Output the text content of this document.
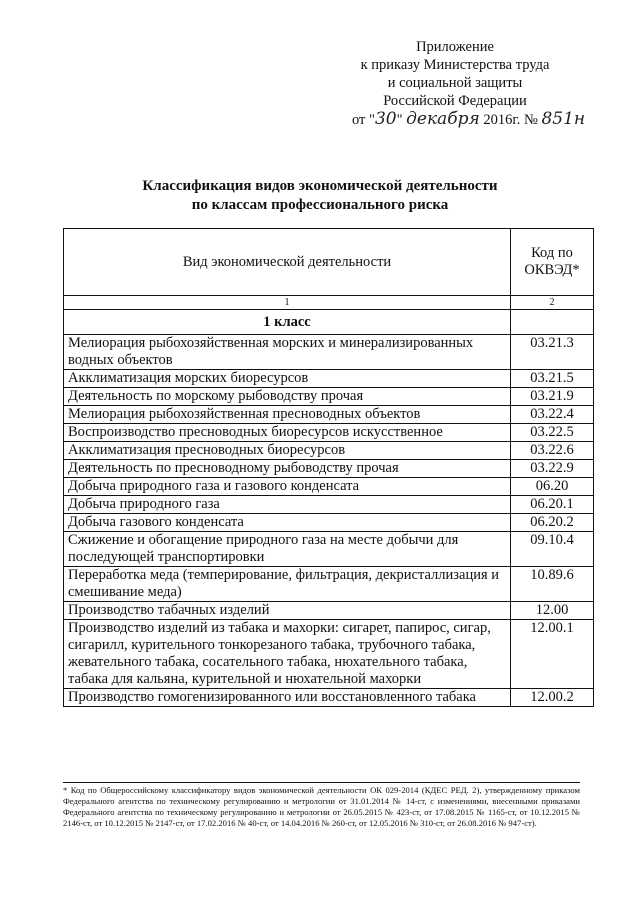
Приложение
к приказу Министерства труда
и социальной защиты
Российской Федерации
от "30" декабря 2016г. № 851н
Классификация видов экономической деятельности
по классам профессионального риска
Вид экономической деятельности	Код по ОКВЭД*
1	2
1 класс	
Мелиорация рыбохозяйственная морских и минерализированных водных объектов	03.21.3
Акклиматизация морских биоресурсов	03.21.5
Деятельность по морскому рыбоводству прочая	03.21.9
Мелиорация рыбохозяйственная пресноводных объектов	03.22.4
Воспроизводство пресноводных биоресурсов искусственное	03.22.5
Акклиматизация пресноводных биоресурсов	03.22.6
Деятельность по пресноводному рыбоводству прочая	03.22.9
Добыча природного газа и газового конденсата	06.20
Добыча природного газа	06.20.1
Добыча газового конденсата	06.20.2
Сжижение и обогащение природного газа на месте добычи для последующей транспортировки	09.10.4
Переработка меда (темперирование, фильтрация, декристаллизация и смешивание меда)	10.89.6
Производство табачных изделий	12.00
Производство изделий из табака и махорки: сигарет, папирос, сигар, сигарилл, курительного тонкорезаного табака, трубочного табака, жевательного табака, сосательного табака, нюхательного табака, табака для кальяна, курительной и нюхательной махорки	12.00.1
Производство гомогенизированного или восстановленного табака	12.00.2
* Код по Общероссийскому классификатору видов экономической деятельности ОК 029-2014 (КДЕС РЕД. 2), утвержденному приказом Федерального агентства по техническому регулированию и метрологии от 31.01.2014 № 14-ст, с изменениями, внесенными приказами Федерального агентства по техническому регулированию и метрологии от 26.05.2015 № 423-ст, от 17.08.2015 № 1165-ст, от 10.12.2015 № 2146-ст, от 10.12.2015 № 2147-ст, от 17.02.2016 № 40-ст, от 14.04.2016 № 260-ст, от 12.05.2016 № 310-ст, от 26.08.2016 № 947-ст).
